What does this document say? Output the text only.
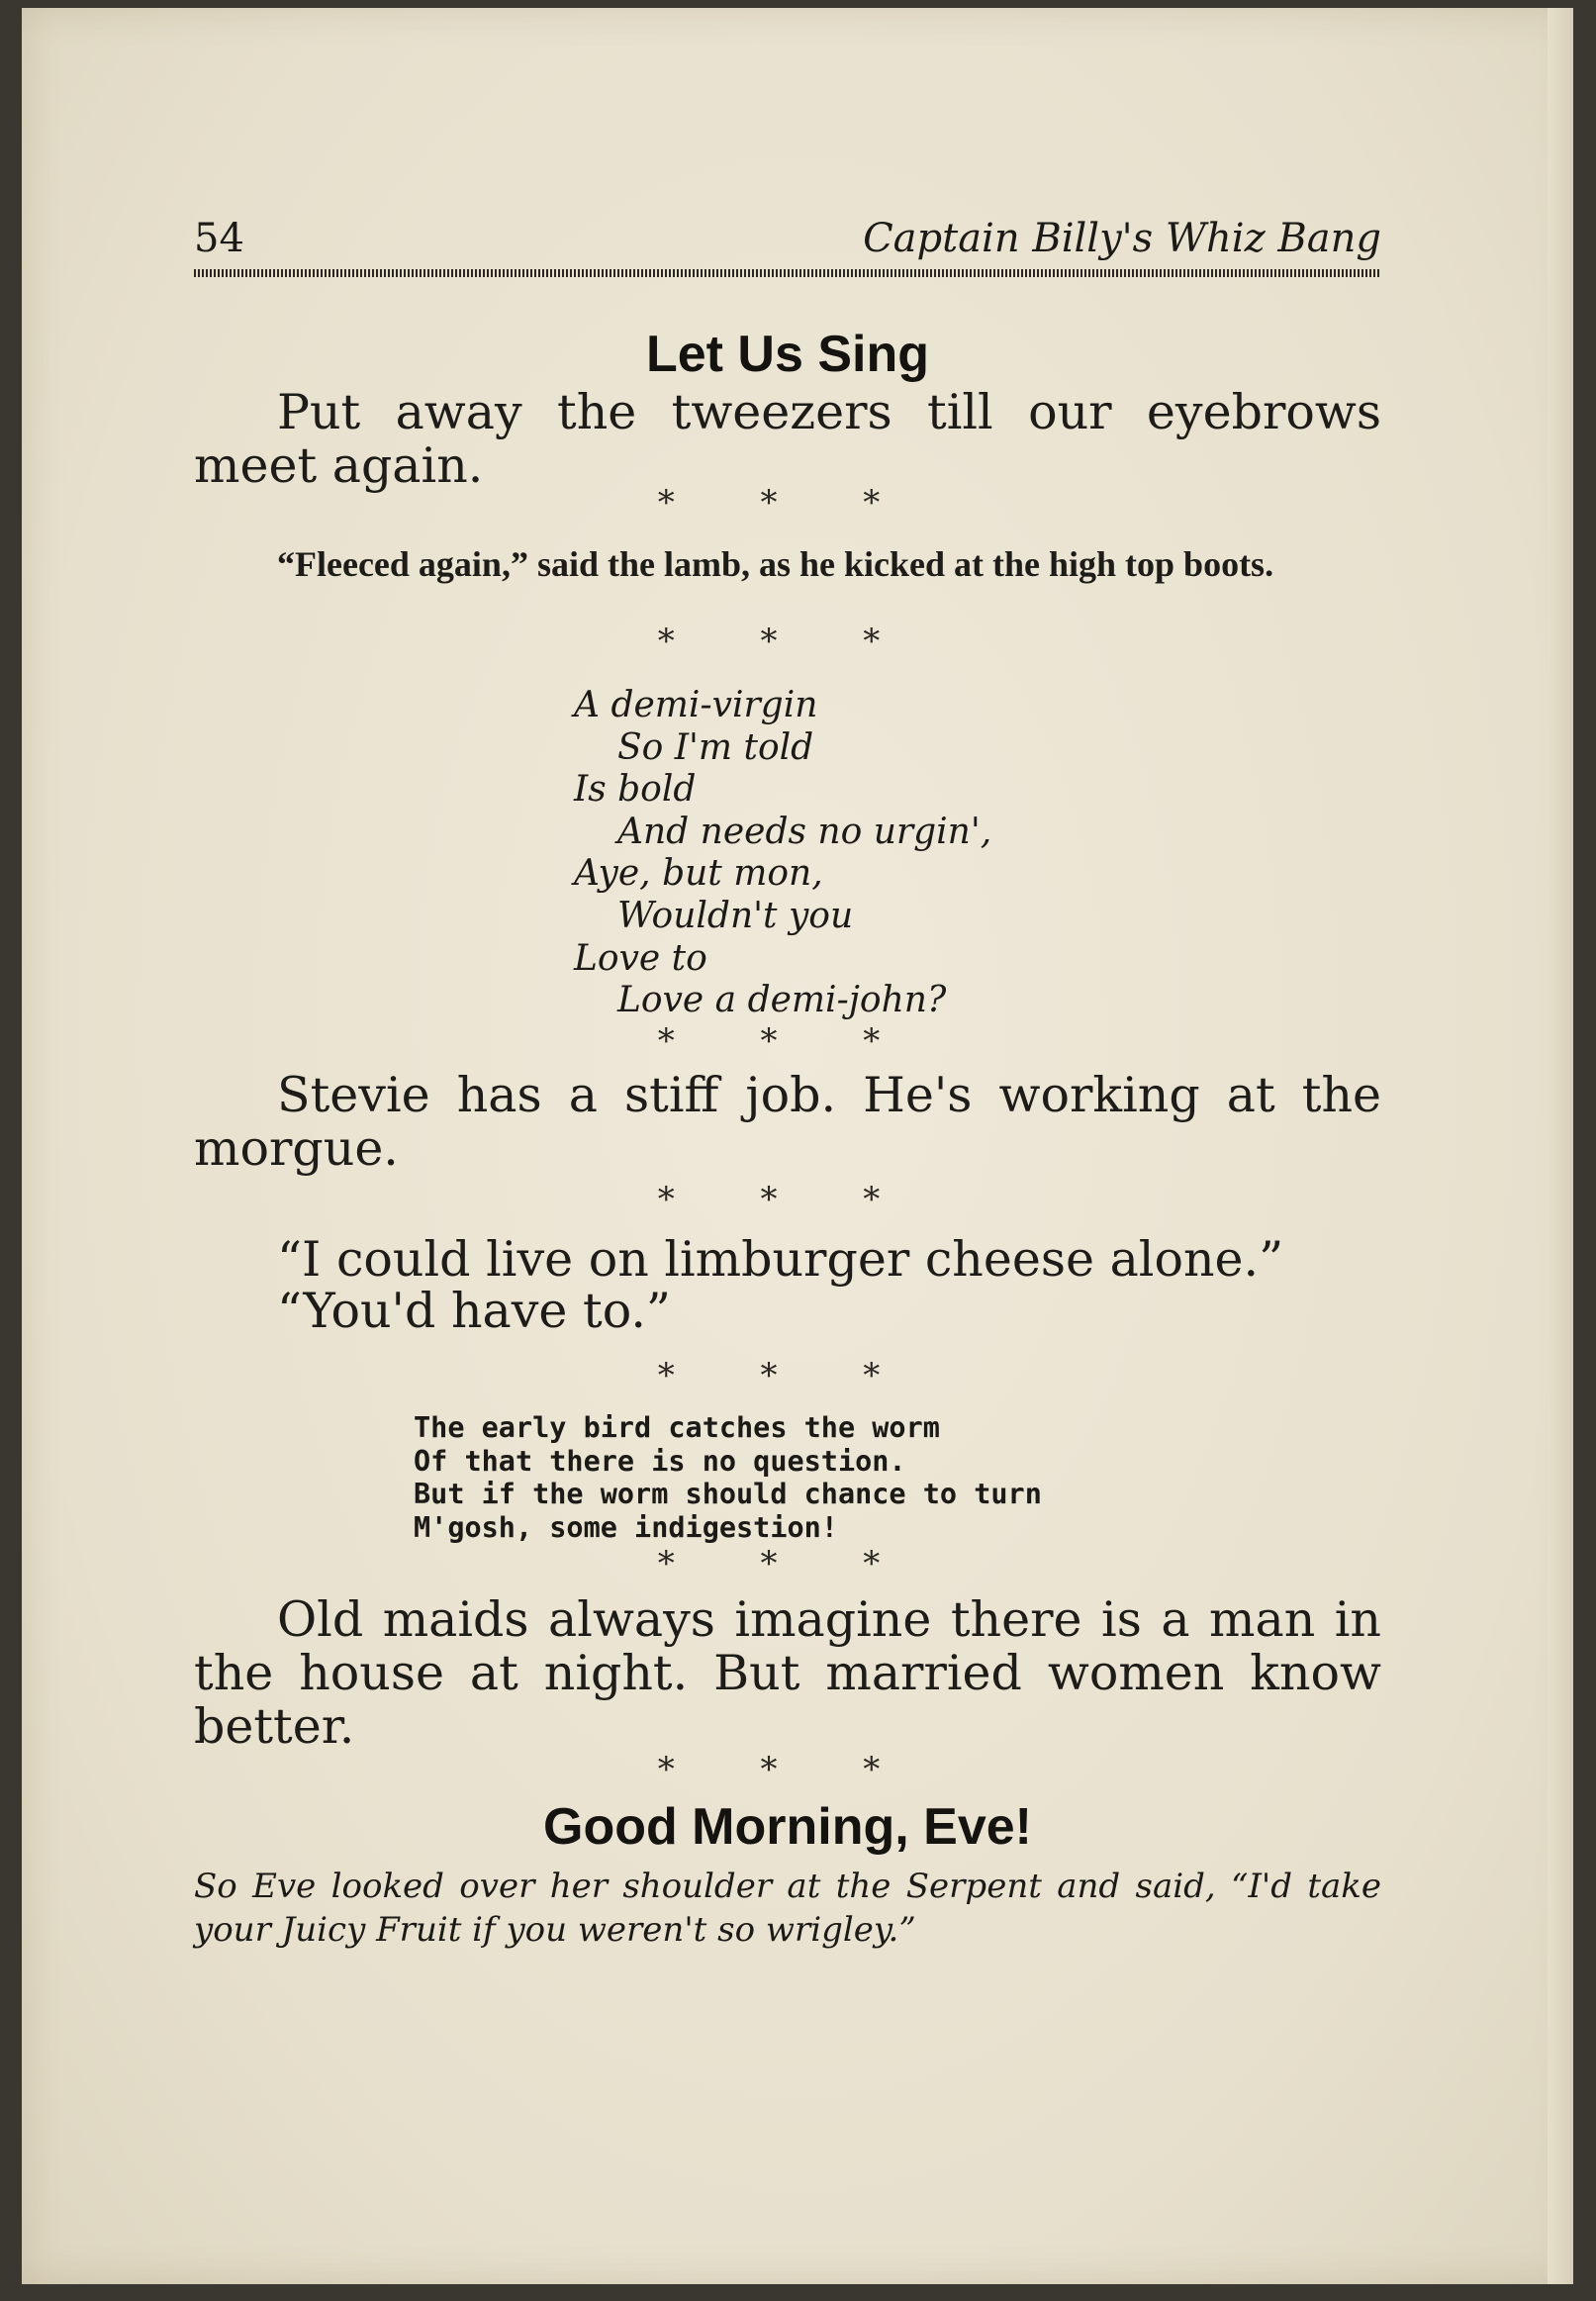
54	Captain Billy's Whiz Bang
Let Us Sing

Put away the tweezers till our eyebrows meet again.

* * *

“Fleeced again,” said the lamb, as he kicked at the high top boots.

* * *

A demi-virgin
So I'm told
Is bold
And needs no urgin',
Aye, but mon,
Wouldn't you
Love to
Love a demi-john?

* * *

Stevie has a stiff job. He's working at the morgue.

* * *

“I could live on limburger cheese alone.”

“You'd have to.”

* * *

The early bird catches the worm
Of that there is no question.
But if the worm should chance to turn
M'gosh, some indigestion!

* * *

Old maids always imagine there is a man in the house at night. But married women know better.

* * *

Good Morning, Eve!

So Eve looked over her shoulder at the Serpent and said, “I'd take your Juicy Fruit if you weren't so wrigley.”
